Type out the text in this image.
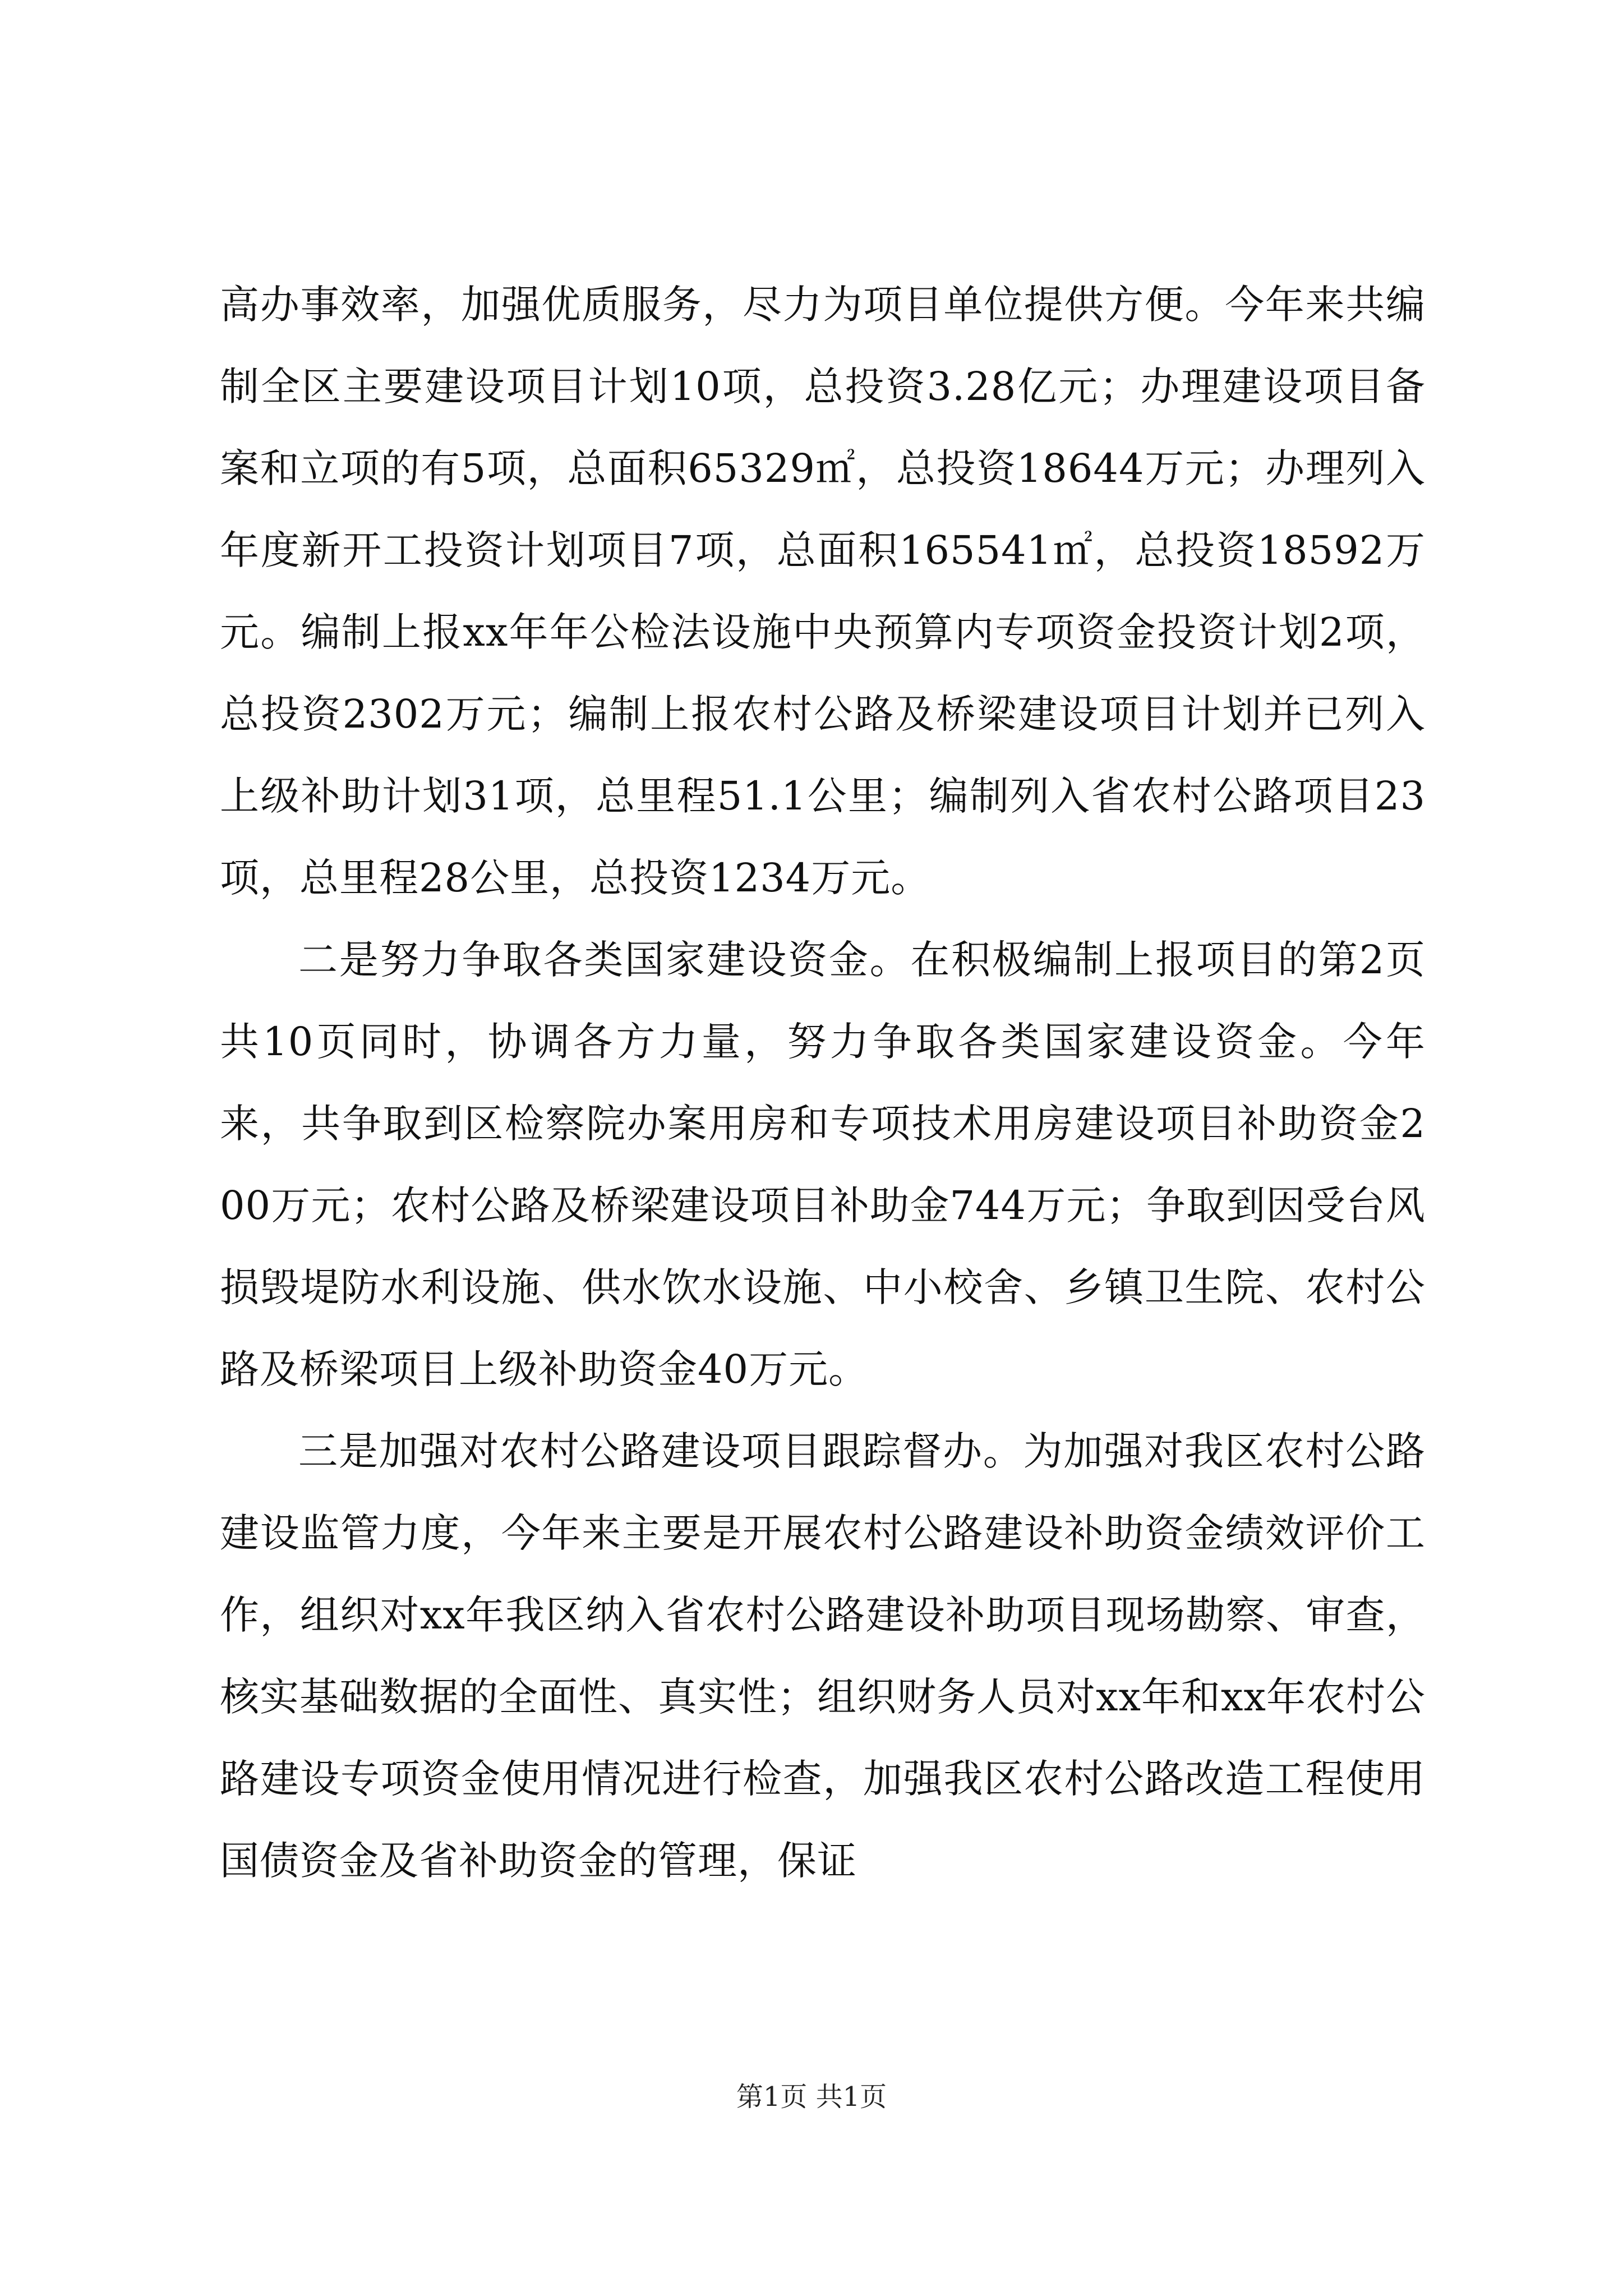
高办事效率，加强优质服务，尽力为项目单位提供方便。今年来共编制全区主要建设项目计划10项，总投资3.28亿元；办理建设项目备案和立项的有5项，总面积65329㎡，总投资18644万元；办理列入年度新开工投资计划项目7项，总面积165541㎡，总投资18592万元。编制上报xx年年公检法设施中央预算内专项资金投资计划2项，总投资2302万元；编制上报农村公路及桥梁建设项目计划并已列入上级补助计划31项，总里程51.1公里；编制列入省农村公路项目23项，总里程28公里，总投资1234万元。

二是努力争取各类国家建设资金。在积极编制上报项目的第2页共10页同时，协调各方力量，努力争取各类国家建设资金。今年来，共争取到区检察院办案用房和专项技术用房建设项目补助资金200万元；农村公路及桥梁建设项目补助金744万元；争取到因受台风损毁堤防水利设施、供水饮水设施、中小校舍、乡镇卫生院、农村公路及桥梁项目上级补助资金40万元。

三是加强对农村公路建设项目跟踪督办。为加强对我区农村公路建设监管力度，今年来主要是开展农村公路建设补助资金绩效评价工作，组织对xx年我区纳入省农村公路建设补助项目现场勘察、审查，核实基础数据的全面性、真实性；组织财务人员对xx年和xx年农村公路建设专项资金使用情况进行检查，加强我区农村公路改造工程使用国债资金及省补助资金的管理，保证

第1页 共1页
